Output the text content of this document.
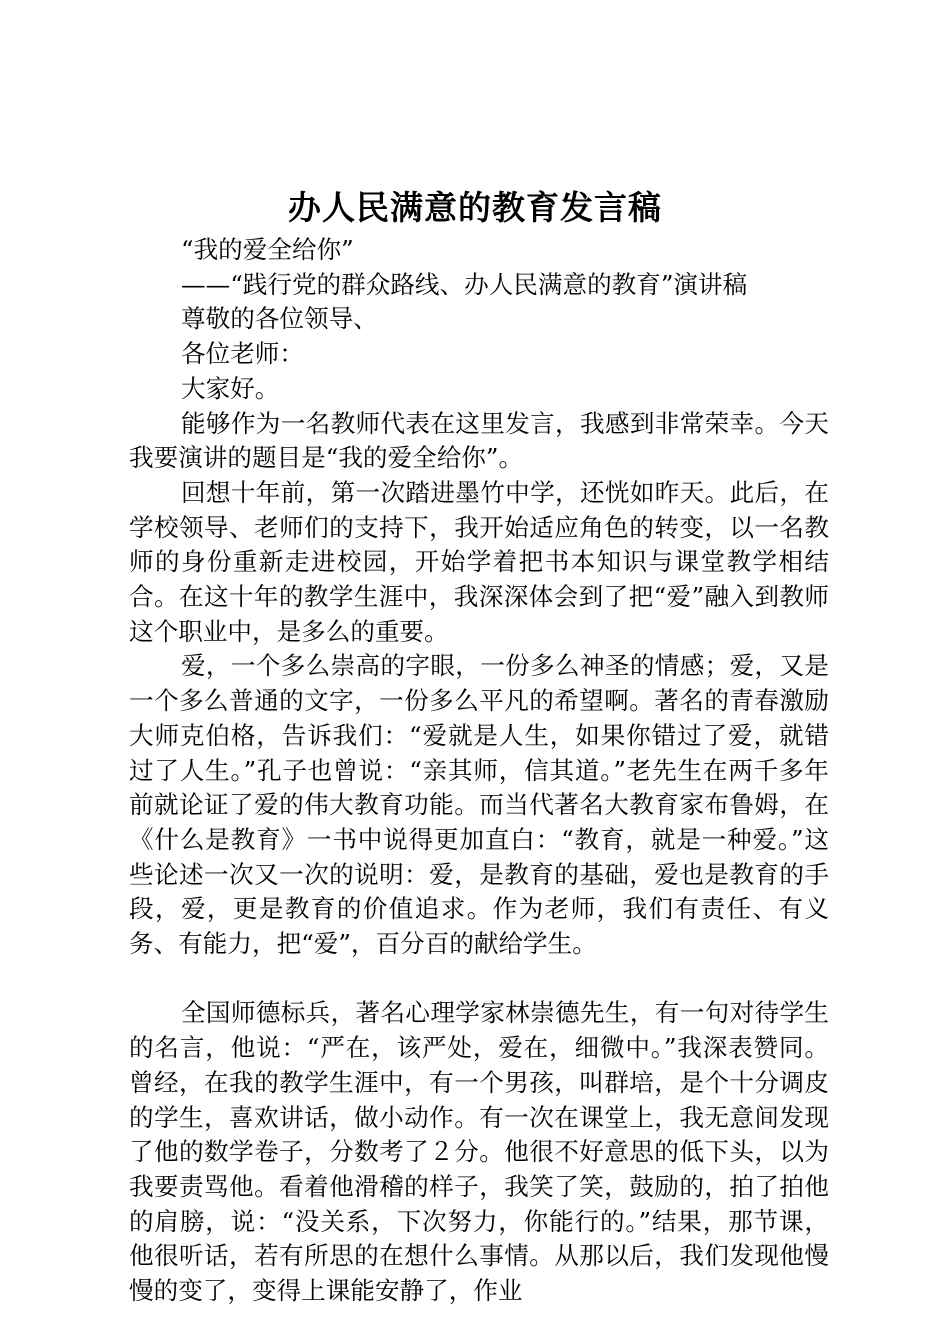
办人民满意的教育发言稿

“我的爱全给你”

——“践行党的群众路线、办人民满意的教育”演讲稿

尊敬的各位领导、

各位老师：

大家好。

能够作为一名教师代表在这里发言，我感到非常荣幸。今天我要演讲的题目是“我的爱全给你”。

回想十年前，第一次踏进墨竹中学，还恍如昨天。此后，在学校领导、老师们的支持下，我开始适应角色的转变，以一名教师的身份重新走进校园，开始学着把书本知识与课堂教学相结合。在这十年的教学生涯中，我深深体会到了把“爱”融入到教师这个职业中，是多么的重要。

爱，一个多么崇高的字眼，一份多么神圣的情感；爱，又是一个多么普通的文字，一份多么平凡的希望啊。著名的青春激励大师克伯格，告诉我们：“爱就是人生，如果你错过了爱，就错过了人生。”孔子也曾说：“亲其师，信其道。”老先生在两千多年前就论证了爱的伟大教育功能。而当代著名大教育家布鲁姆，在《什么是教育》一书中说得更加直白：“教育，就是一种爱。”这些论述一次又一次的说明：爱，是教育的基础，爱也是教育的手段，爱，更是教育的价值追求。作为老师，我们有责任、有义务、有能力，把“爱”，百分百的献给学生。

全国师德标兵，著名心理学家林崇德先生，有一句对待学生的名言，他说：“严在，该严处，爱在，细微中。”我深表赞同。曾经，在我的教学生涯中，有一个男孩，叫群培，是个十分调皮的学生，喜欢讲话，做小动作。有一次在课堂上，我无意间发现了他的数学卷子，分数考了２分。他很不好意思的低下头，以为我要责骂他。看着他滑稽的样子，我笑了笑，鼓励的，拍了拍他的肩膀，说：“没关系，下次努力，你能行的。”结果，那节课，他很听话，若有所思的在想什么事情。从那以后，我们发现他慢慢的变了，变得上课能安静了，作业
